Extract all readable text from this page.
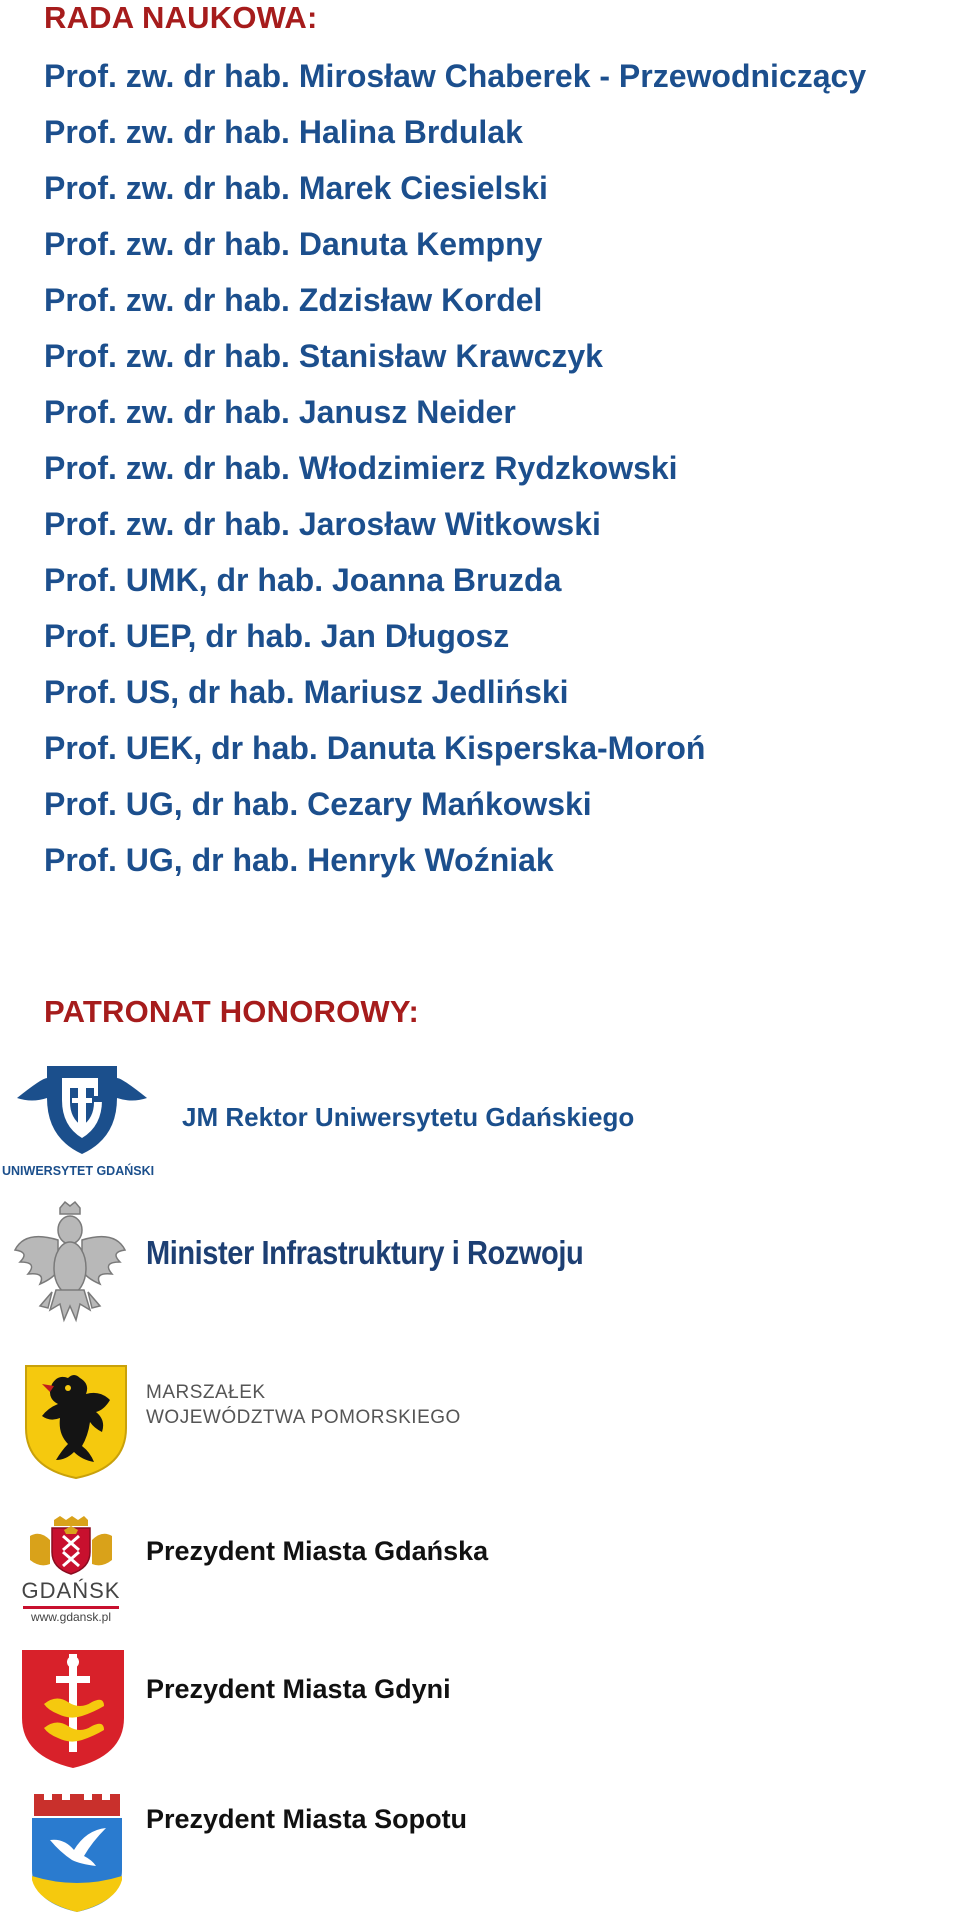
RADA NAUKOWA:
Prof. zw. dr hab. Mirosław Chaberek - Przewodniczący
Prof. zw. dr hab. Halina Brdulak
Prof. zw. dr hab. Marek Ciesielski
Prof. zw. dr hab. Danuta Kempny
Prof. zw. dr hab. Zdzisław Kordel
Prof. zw. dr hab. Stanisław Krawczyk
Prof. zw. dr hab. Janusz Neider
Prof. zw. dr hab. Włodzimierz Rydzkowski
Prof. zw. dr hab. Jarosław Witkowski
Prof. UMK, dr hab. Joanna Bruzda
Prof. UEP, dr hab. Jan Długosz
Prof. US, dr hab. Mariusz Jedliński
Prof. UEK, dr hab. Danuta Kisperska-Moroń
Prof. UG, dr hab. Cezary Mańkowski
Prof. UG, dr hab. Henryk Woźniak
PATRONAT HONOROWY:
UNIWERSYTET GDAŃSKI
JM Rektor Uniwersytetu Gdańskiego
Minister Infrastruktury i Rozwoju
MARSZAŁEK
WOJEWÓDZTWA POMORSKIEGO
GDAŃSK
www.gdansk.pl
Prezydent Miasta Gdańska
Prezydent Miasta Gdyni
Prezydent Miasta Sopotu
